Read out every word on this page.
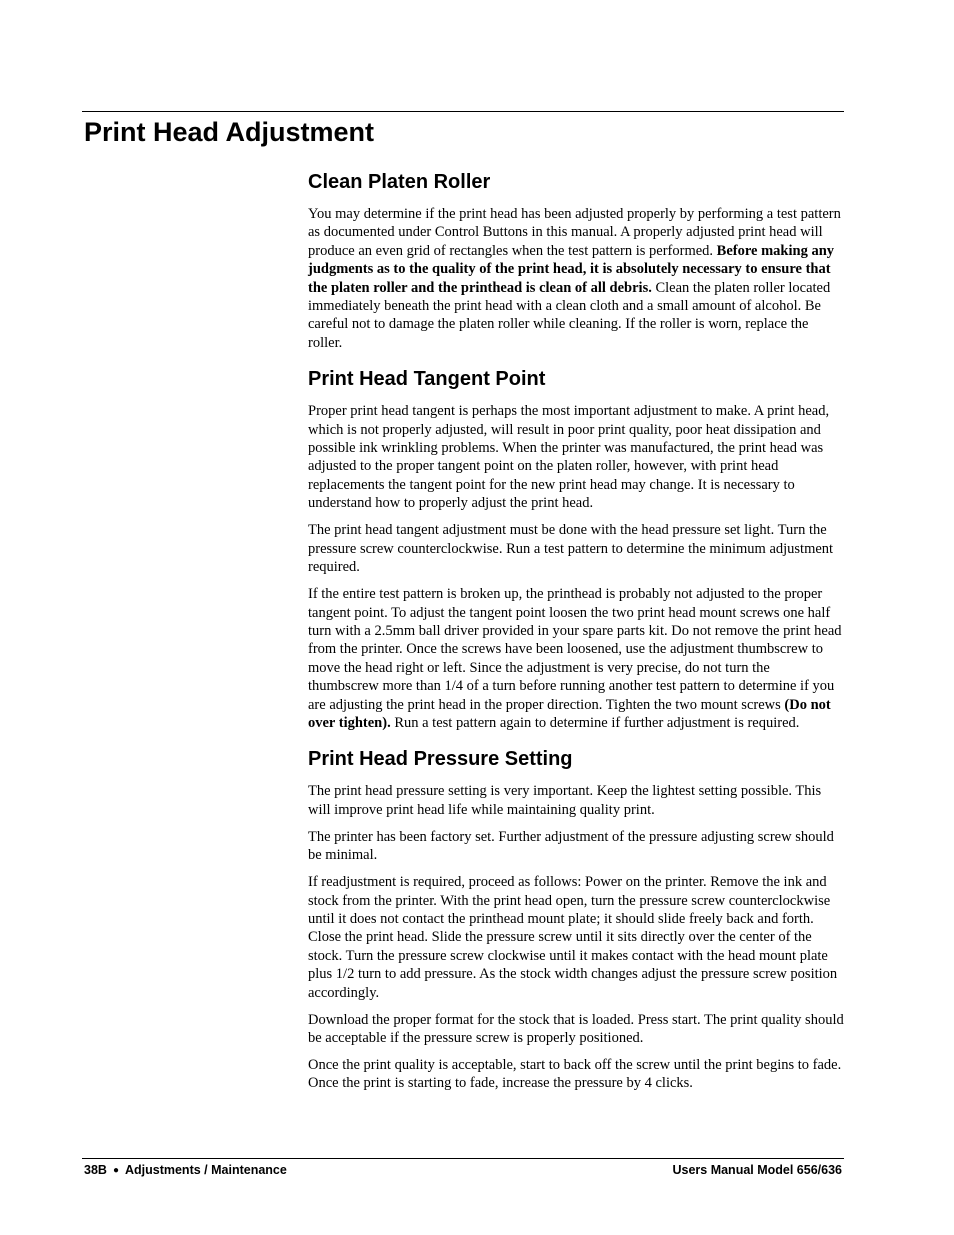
Print Head Adjustment
Clean Platen Roller

You may determine if the print head has been adjusted properly by performing a test pattern as documented under Control Buttons in this manual. A properly adjusted print head will produce an even grid of rectangles when the test pattern is performed. Before making any judgments as to the quality of the print head, it is absolutely necessary to ensure that the platen roller and the printhead is clean of all debris. Clean the platen roller located immediately beneath the print head with a clean cloth and a small amount of alcohol. Be careful not to damage the platen roller while cleaning. If the roller is worn, replace the roller.

Print Head Tangent Point

Proper print head tangent is perhaps the most important adjustment to make. A print head, which is not properly adjusted, will result in poor print quality, poor heat dissipation and possible ink wrinkling problems. When the printer was manufactured, the print head was adjusted to the proper tangent point on the platen roller, however, with print head replacements the tangent point for the new print head may change. It is necessary to understand how to properly adjust the print head.

The print head tangent adjustment must be done with the head pressure set light. Turn the pressure screw counterclockwise. Run a test pattern to determine the minimum adjustment required.

If the entire test pattern is broken up, the printhead is probably not adjusted to the proper tangent point. To adjust the tangent point loosen the two print head mount screws one half turn with a 2.5mm ball driver provided in your spare parts kit. Do not remove the print head from the printer. Once the screws have been loosened, use the adjustment thumbscrew to move the head right or left. Since the adjustment is very precise, do not turn the thumbscrew more than 1/4 of a turn before running another test pattern to determine if you are adjusting the print head in the proper direction. Tighten the two mount screws (Do not over tighten). Run a test pattern again to determine if further adjustment is required.

Print Head Pressure Setting

The print head pressure setting is very important. Keep the lightest setting possible. This will improve print head life while maintaining quality print.

The printer has been factory set. Further adjustment of the pressure adjusting screw should be minimal.

If readjustment is required, proceed as follows: Power on the printer. Remove the ink and stock from the printer. With the print head open, turn the pressure screw counterclockwise until it does not contact the printhead mount plate; it should slide freely back and forth. Close the print head. Slide the pressure screw until it sits directly over the center of the stock. Turn the pressure screw clockwise until it makes contact with the head mount plate plus 1/2 turn to add pressure. As the stock width changes adjust the pressure screw position accordingly.

Download the proper format for the stock that is loaded. Press start. The print quality should be acceptable if the pressure screw is properly positioned.

Once the print quality is acceptable, start to back off the screw until the print begins to fade. Once the print is starting to fade, increase the pressure by 4 clicks.

38B ● Adjustments / Maintenance	Users Manual Model 656/636
